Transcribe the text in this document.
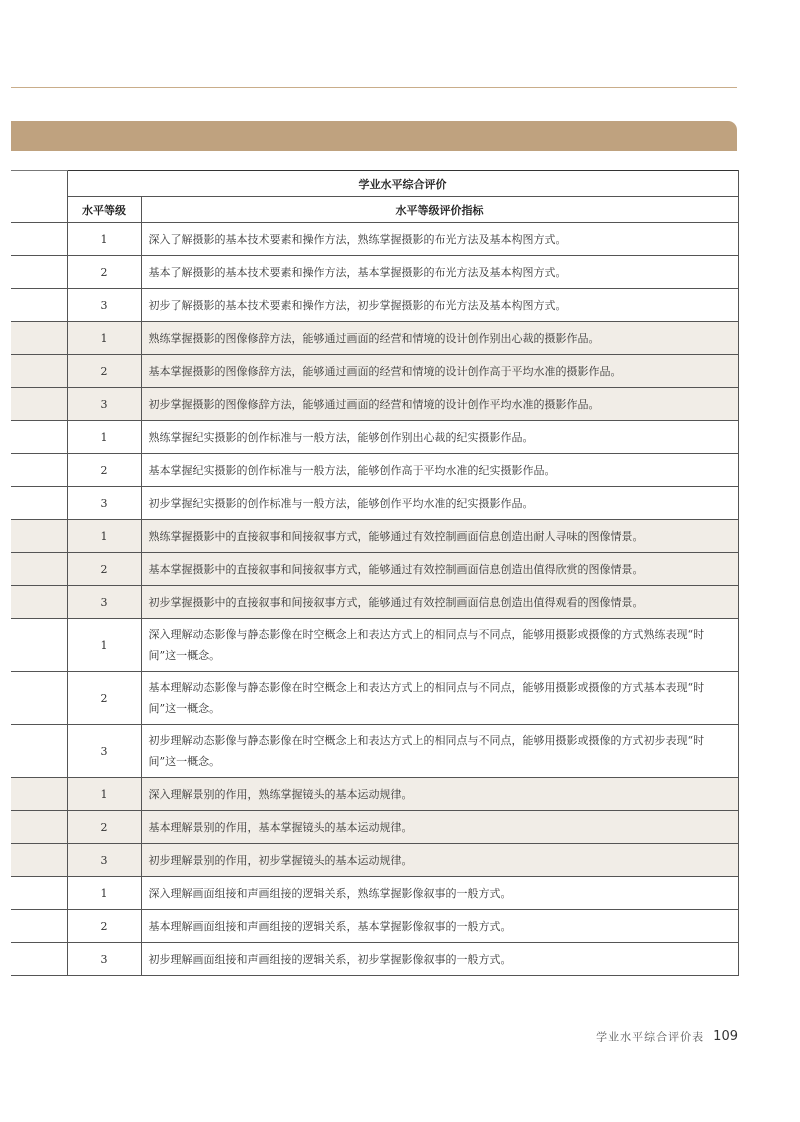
	学业水平综合评价	
	水平等级	水平等级评价指标
	1	深入了解摄影的基本技术要素和操作方法，熟练掌握摄影的布光方法及基本构图方式。
	2	基本了解摄影的基本技术要素和操作方法，基本掌握摄影的布光方法及基本构图方式。
	3	初步了解摄影的基本技术要素和操作方法，初步掌握摄影的布光方法及基本构图方式。
	1	熟练掌握摄影的图像修辞方法，能够通过画面的经营和情境的设计创作别出心裁的摄影作品。
	2	基本掌握摄影的图像修辞方法，能够通过画面的经营和情境的设计创作高于平均水准的摄影作品。
	3	初步掌握摄影的图像修辞方法，能够通过画面的经营和情境的设计创作平均水准的摄影作品。
	1	熟练掌握纪实摄影的创作标准与一般方法，能够创作别出心裁的纪实摄影作品。
	2	基本掌握纪实摄影的创作标准与一般方法，能够创作高于平均水准的纪实摄影作品。
	3	初步掌握纪实摄影的创作标准与一般方法，能够创作平均水准的纪实摄影作品。
	1	熟练掌握摄影中的直接叙事和间接叙事方式，能够通过有效控制画面信息创造出耐人寻味的图像情景。
	2	基本掌握摄影中的直接叙事和间接叙事方式，能够通过有效控制画面信息创造出值得欣赏的图像情景。
	3	初步掌握摄影中的直接叙事和间接叙事方式，能够通过有效控制画面信息创造出值得观看的图像情景。
	1	深入理解动态影像与静态影像在时空概念上和表达方式上的相同点与不同点，能够用摄影或摄像的方式熟练表现“时间”这一概念。
	2	基本理解动态影像与静态影像在时空概念上和表达方式上的相同点与不同点，能够用摄影或摄像的方式基本表现“时间”这一概念。
	3	初步理解动态影像与静态影像在时空概念上和表达方式上的相同点与不同点，能够用摄影或摄像的方式初步表现“时间”这一概念。
	1	深入理解景别的作用，熟练掌握镜头的基本运动规律。
	2	基本理解景别的作用，基本掌握镜头的基本运动规律。
	3	初步理解景别的作用，初步掌握镜头的基本运动规律。
	1	深入理解画面组接和声画组接的逻辑关系，熟练掌握影像叙事的一般方式。
	2	基本理解画面组接和声画组接的逻辑关系，基本掌握影像叙事的一般方式。
	3	初步理解画面组接和声画组接的逻辑关系，初步掌握影像叙事的一般方式。
学业水平综合评价表 109
